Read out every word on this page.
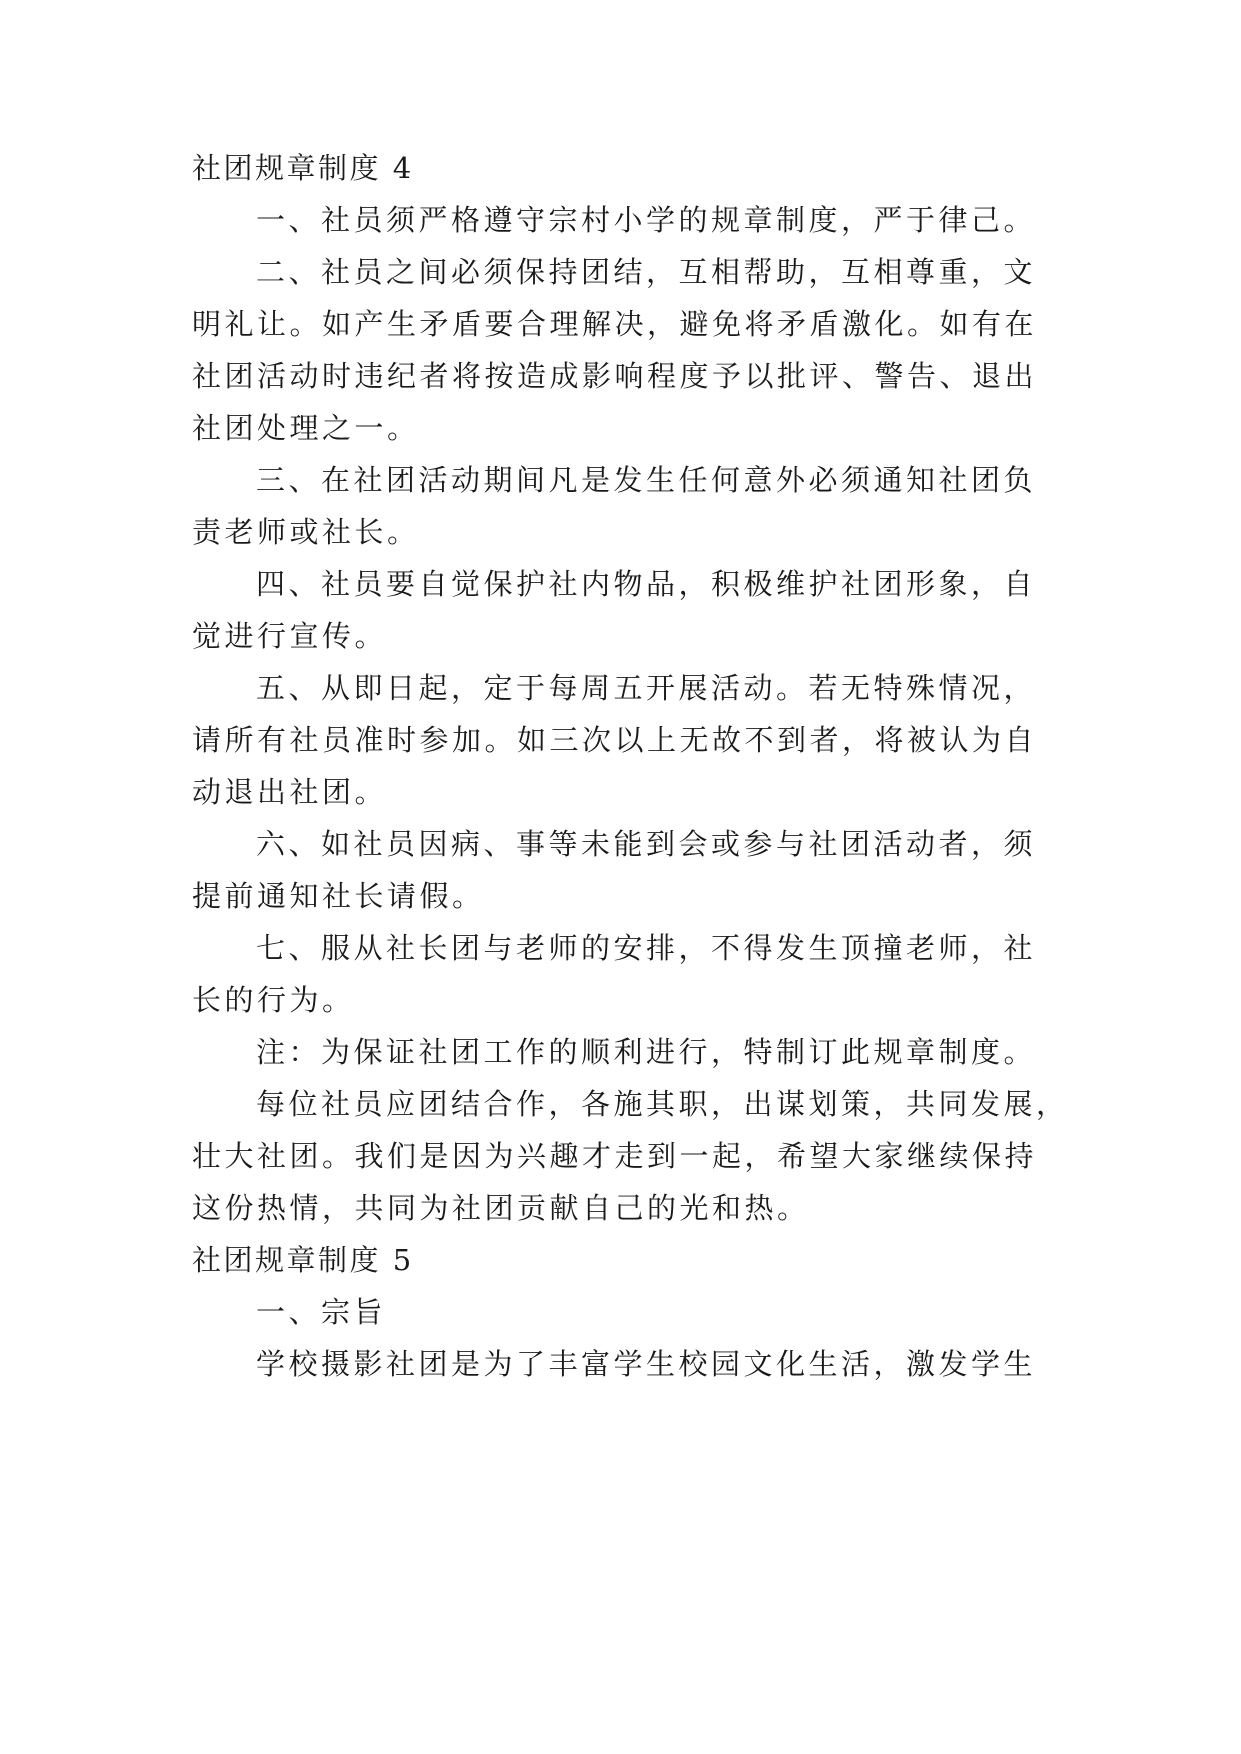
社团规章制度 4
一、社员须严格遵守宗村小学的规章制度，严于律己。
二、社员之间必须保持团结，互相帮助，互相尊重，文
明礼让。如产生矛盾要合理解决，避免将矛盾激化。如有在
社团活动时违纪者将按造成影响程度予以批评、警告、退出
社团处理之一。
三、在社团活动期间凡是发生任何意外必须通知社团负
责老师或社长。
四、社员要自觉保护社内物品，积极维护社团形象，自
觉进行宣传。
五、从即日起，定于每周五开展活动。若无特殊情况，
请所有社员准时参加。如三次以上无故不到者，将被认为自
动退出社团。
六、如社员因病、事等未能到会或参与社团活动者，须
提前通知社长请假。
七、服从社长团与老师的安排，不得发生顶撞老师，社
长的行为。
注：为保证社团工作的顺利进行，特制订此规章制度。
每位社员应团结合作，各施其职，出谋划策，共同发展，
壮大社团。我们是因为兴趣才走到一起，希望大家继续保持
这份热情，共同为社团贡献自己的光和热。
社团规章制度 5
一、宗旨
学校摄影社团是为了丰富学生校园文化生活，激发学生
